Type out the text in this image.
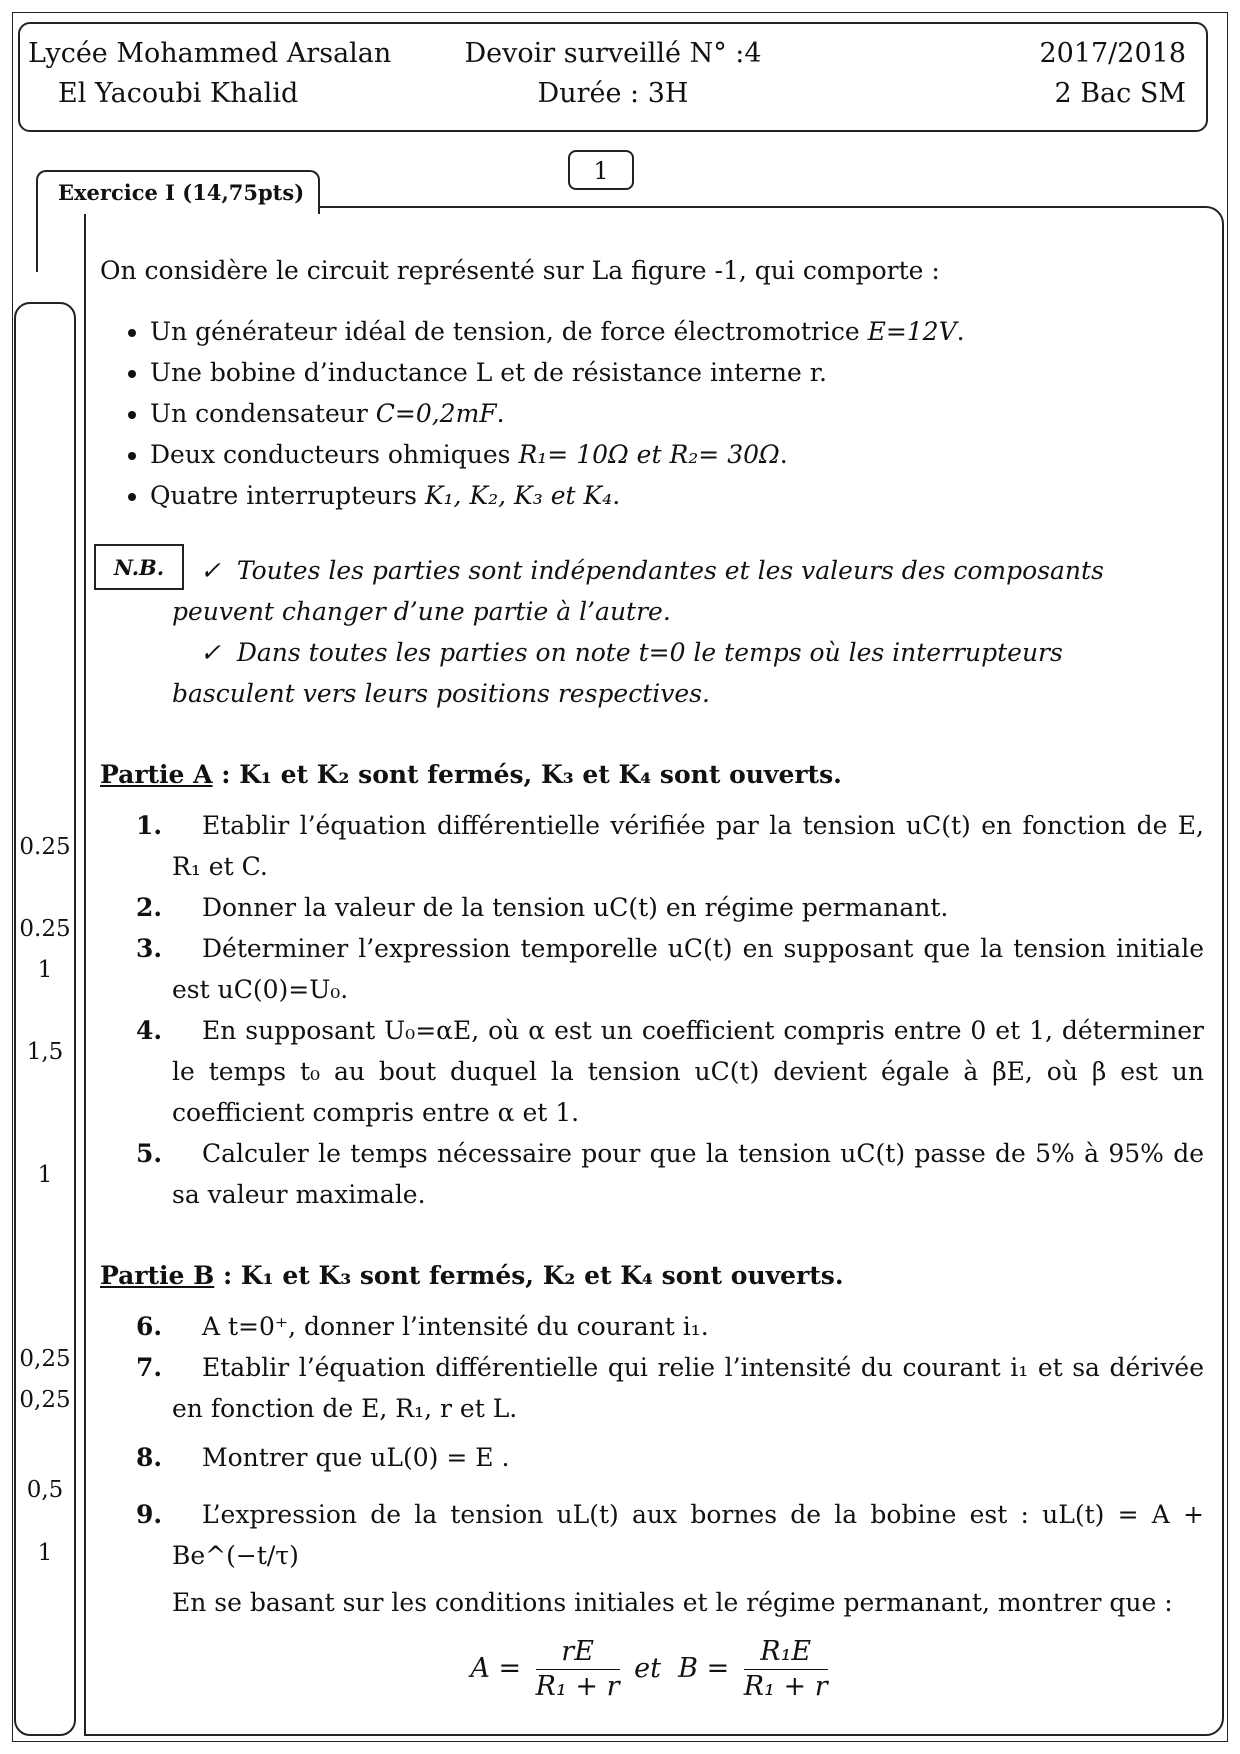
Lycée Mohammed Arsalan
El Yacoubi Khalid
Devoir surveillé N° :4
Durée : 3H
2017/2018
2 Bac SM
Exercice I (14,75pts)
1
0.25
0.25
1
1,5
1
0,25
0,25
0,5
1

On considère le circuit représenté sur La figure -1, qui comporte :

• Un générateur idéal de tension, de force électromotrice E=12V.
• Une bobine d’inductance L et de résistance interne r.
• Un condensateur C=0,2mF.
• Deux conducteurs ohmiques R₁= 10Ω et R₂= 30Ω.
• Quatre interrupteurs K₁, K₂, K₃ et K₄.
N.B.	✓ Toutes les parties sont indépendantes et les valeurs des composants

peuvent changer d’une partie à l’autre.

✓ Dans toutes les parties on note t=0 le temps où les interrupteurs

basculent vers leurs positions respectives.

Partie A : K₁ et K₂ sont fermés, K₃ et K₄ sont ouverts.

1. Etablir l’équation différentielle vérifiée par la tension uC(t) en fonction de E, R₁ et C.
2. Donner la valeur de la tension uC(t) en régime permanant.
3. Déterminer l’expression temporelle uC(t) en supposant que la tension initiale est uC(0)=U₀.
4. En supposant U₀=αE, où α est un coefficient compris entre 0 et 1, déterminer le temps t₀ au bout duquel la tension uC(t) devient égale à βE, où β est un coefficient compris entre α et 1.
5. Calculer le temps nécessaire pour que la tension uC(t) passe de 5% à 95% de sa valeur maximale.

Partie B : K₁ et K₃ sont fermés, K₂ et K₄ sont ouverts.

6. A t=0⁺, donner l’intensité du courant i₁.
7. Etablir l’équation différentielle qui relie l’intensité du courant i₁ et sa dérivée en fonction de E, R₁, r et L.
8. Montrer que uL(0) = E .
9. L’expression de la tension uL(t) aux bornes de la bobine est : uL(t) = A + Be^(−t/τ)

En se basant sur les conditions initiales et le régime permanant, montrer que :

$A = \frac{rE}{\text{R₁ + r}}$ et $B = \frac{\text{R₁E}}{\text{R₁ + r}}$
